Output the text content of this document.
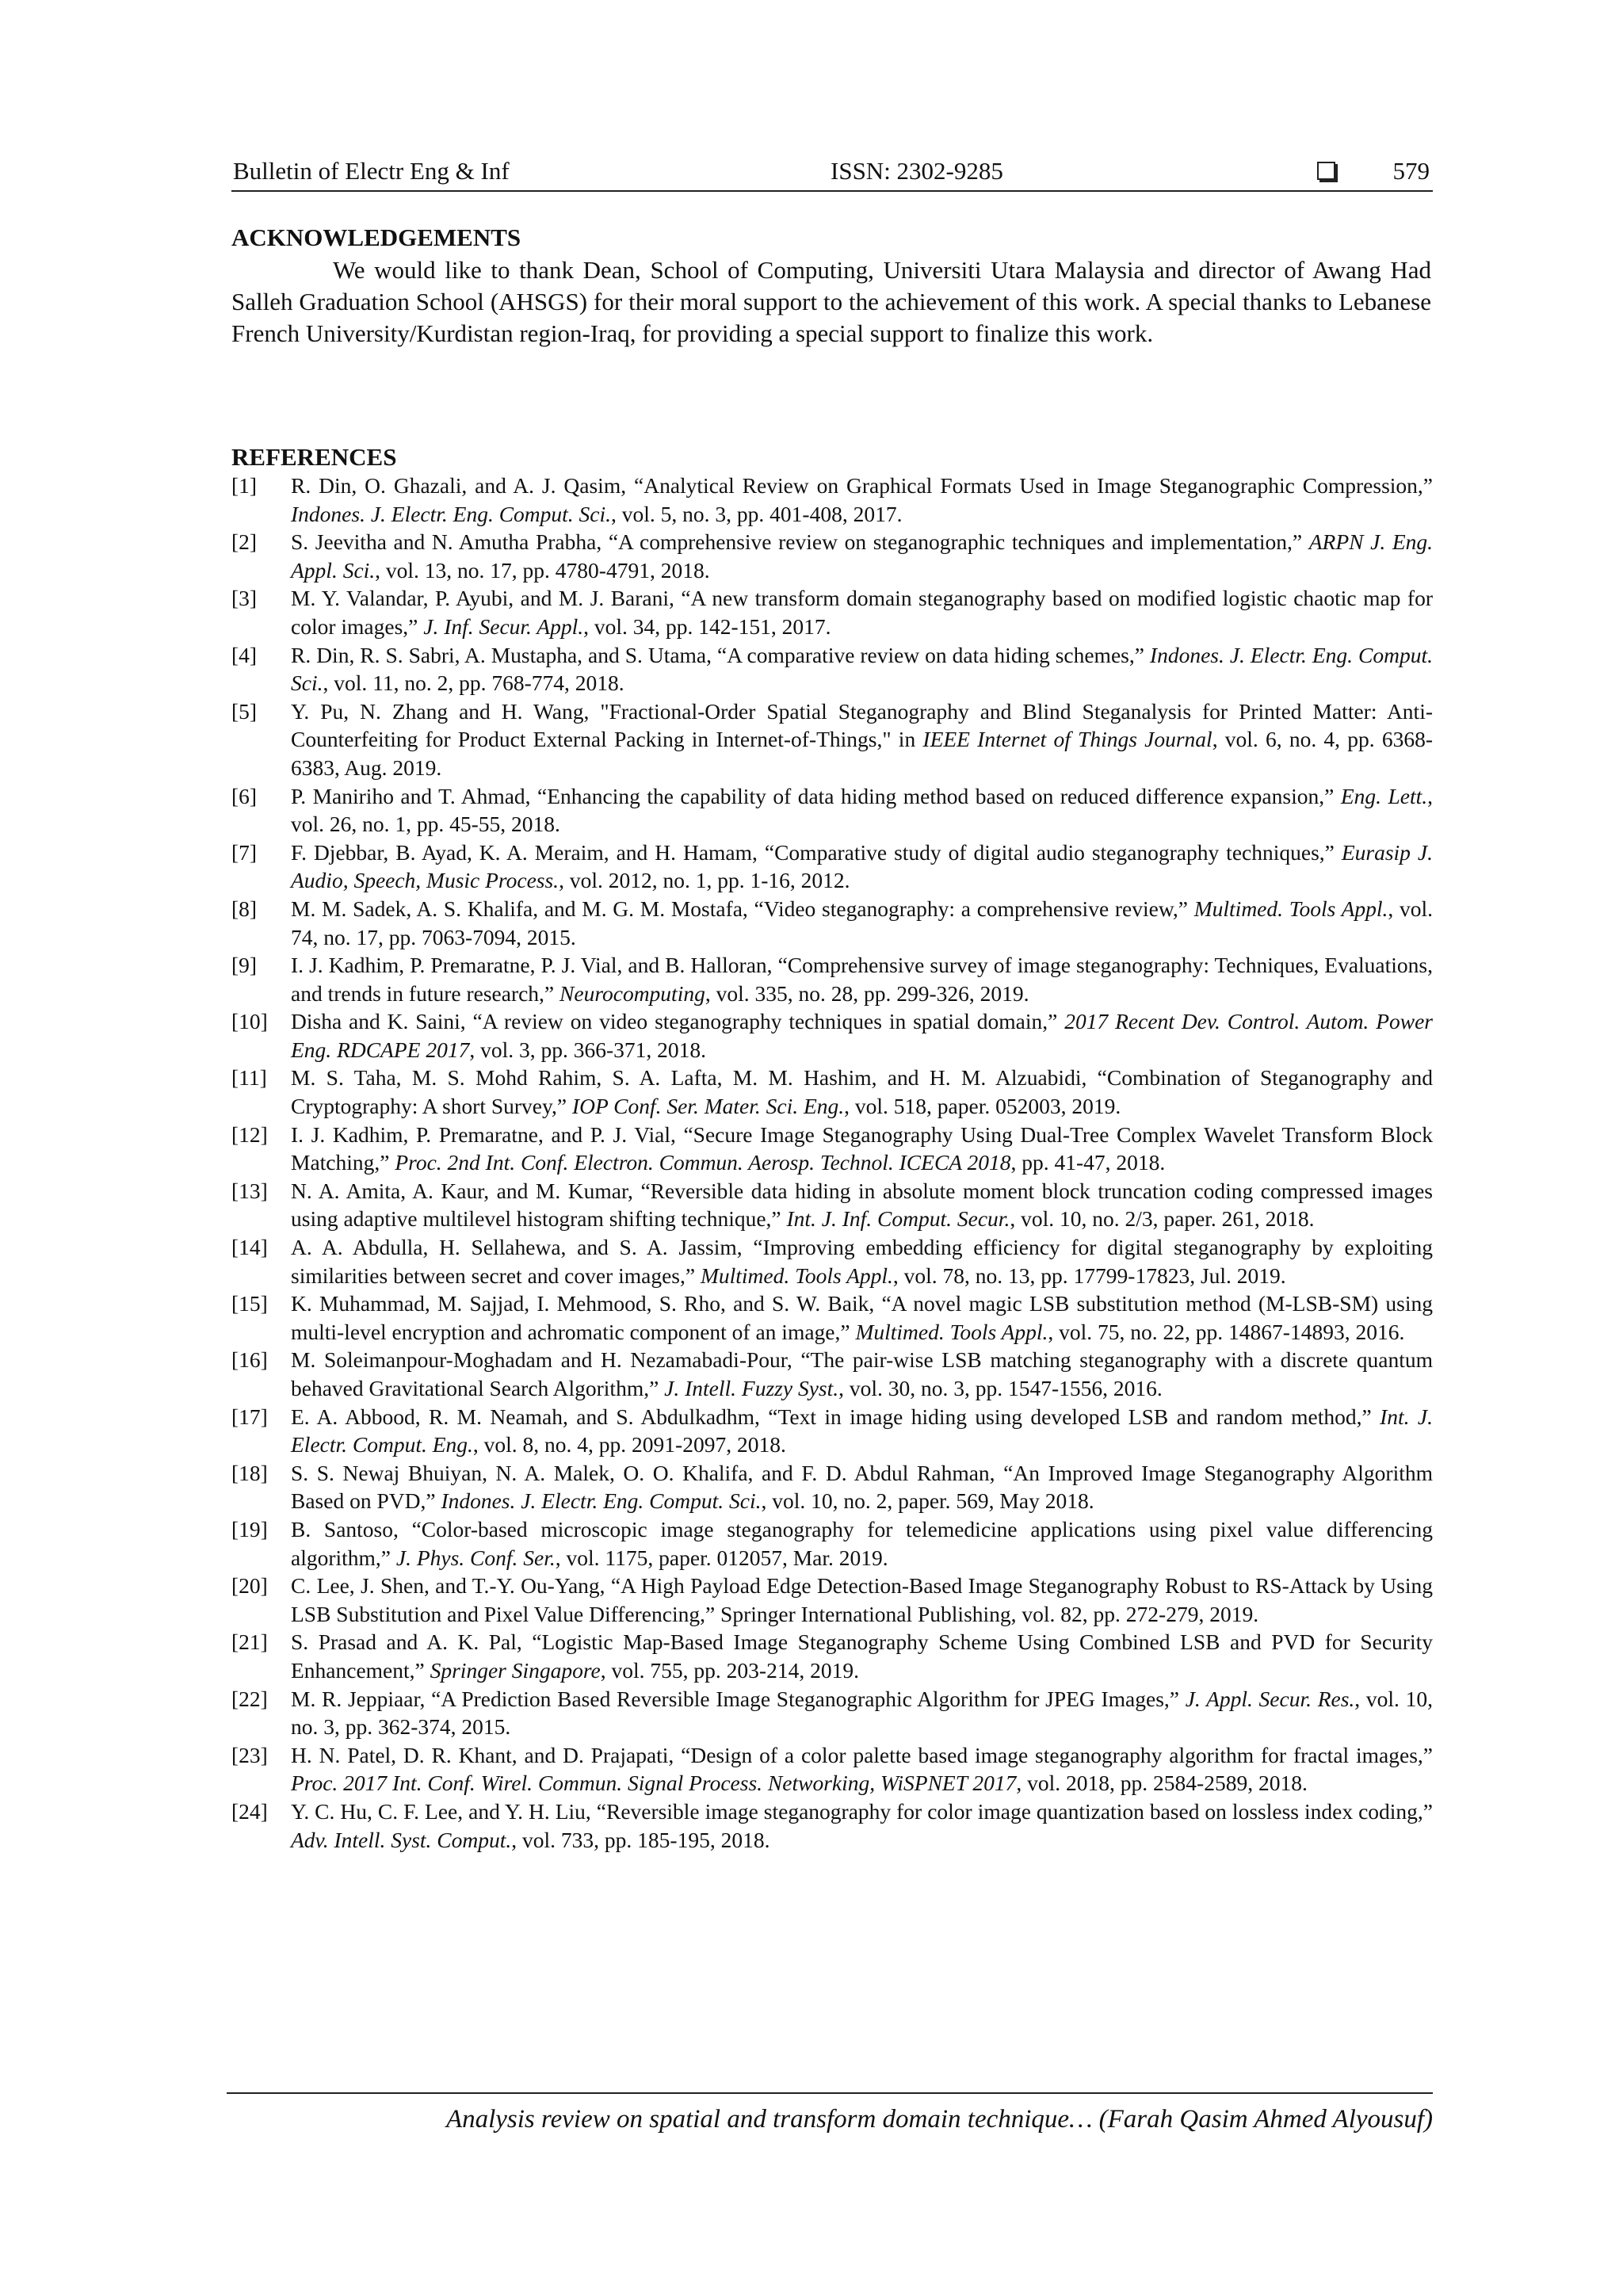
Bulletin of Electr Eng & Inf	ISSN: 2302-9285	579
ACKNOWLEDGEMENTS

We would like to thank Dean, School of Computing, Universiti Utara Malaysia and director of Awang Had Salleh Graduation School (AHSGS) for their moral support to the achievement of this work. A special thanks to Lebanese French University/Kurdistan region-Iraq, for providing a special support to finalize this work.

REFERENCES
[1] R. Din, O. Ghazali, and A. J. Qasim, “Analytical Review on Graphical Formats Used in Image Steganographic Compression,” Indones. J. Electr. Eng. Comput. Sci., vol. 5, no. 3, pp. 401-408, 2017.
[2] S. Jeevitha and N. Amutha Prabha, “A comprehensive review on steganographic techniques and implementation,” ARPN J. Eng. Appl. Sci., vol. 13, no. 17, pp. 4780-4791, 2018.
[3] M. Y. Valandar, P. Ayubi, and M. J. Barani, “A new transform domain steganography based on modified logistic chaotic map for color images,” J. Inf. Secur. Appl., vol. 34, pp. 142-151, 2017.
[4] R. Din, R. S. Sabri, A. Mustapha, and S. Utama, “A comparative review on data hiding schemes,” Indones. J. Electr. Eng. Comput. Sci., vol. 11, no. 2, pp. 768-774, 2018.
[5] Y. Pu, N. Zhang and H. Wang, "Fractional-Order Spatial Steganography and Blind Steganalysis for Printed Matter: Anti-Counterfeiting for Product External Packing in Internet-of-Things," in IEEE Internet of Things Journal, vol. 6, no. 4, pp. 6368-6383, Aug. 2019.
[6] P. Maniriho and T. Ahmad, “Enhancing the capability of data hiding method based on reduced difference expansion,” Eng. Lett., vol. 26, no. 1, pp. 45-55, 2018.
[7] F. Djebbar, B. Ayad, K. A. Meraim, and H. Hamam, “Comparative study of digital audio steganography techniques,” Eurasip J. Audio, Speech, Music Process., vol. 2012, no. 1, pp. 1-16, 2012.
[8] M. M. Sadek, A. S. Khalifa, and M. G. M. Mostafa, “Video steganography: a comprehensive review,” Multimed. Tools Appl., vol. 74, no. 17, pp. 7063-7094, 2015.
[9] I. J. Kadhim, P. Premaratne, P. J. Vial, and B. Halloran, “Comprehensive survey of image steganography: Techniques, Evaluations, and trends in future research,” Neurocomputing, vol. 335, no. 28, pp. 299-326, 2019.
[10] Disha and K. Saini, “A review on video steganography techniques in spatial domain,” 2017 Recent Dev. Control. Autom. Power Eng. RDCAPE 2017, vol. 3, pp. 366-371, 2018.
[11] M. S. Taha, M. S. Mohd Rahim, S. A. Lafta, M. M. Hashim, and H. M. Alzuabidi, “Combination of Steganography and Cryptography: A short Survey,” IOP Conf. Ser. Mater. Sci. Eng., vol. 518, paper. 052003, 2019.
[12] I. J. Kadhim, P. Premaratne, and P. J. Vial, “Secure Image Steganography Using Dual-Tree Complex Wavelet Transform Block Matching,” Proc. 2nd Int. Conf. Electron. Commun. Aerosp. Technol. ICECA 2018, pp. 41-47, 2018.
[13] N. A. Amita, A. Kaur, and M. Kumar, “Reversible data hiding in absolute moment block truncation coding compressed images using adaptive multilevel histogram shifting technique,” Int. J. Inf. Comput. Secur., vol. 10, no. 2/3, paper. 261, 2018.
[14] A. A. Abdulla, H. Sellahewa, and S. A. Jassim, “Improving embedding efficiency for digital steganography by exploiting similarities between secret and cover images,” Multimed. Tools Appl., vol. 78, no. 13, pp. 17799-17823, Jul. 2019.
[15] K. Muhammad, M. Sajjad, I. Mehmood, S. Rho, and S. W. Baik, “A novel magic LSB substitution method (M-LSB-SM) using multi-level encryption and achromatic component of an image,” Multimed. Tools Appl., vol. 75, no. 22, pp. 14867-14893, 2016.
[16] M. Soleimanpour-Moghadam and H. Nezamabadi-Pour, “The pair-wise LSB matching steganography with a discrete quantum behaved Gravitational Search Algorithm,” J. Intell. Fuzzy Syst., vol. 30, no. 3, pp. 1547-1556, 2016.
[17] E. A. Abbood, R. M. Neamah, and S. Abdulkadhm, “Text in image hiding using developed LSB and random method,” Int. J. Electr. Comput. Eng., vol. 8, no. 4, pp. 2091-2097, 2018.
[18] S. S. Newaj Bhuiyan, N. A. Malek, O. O. Khalifa, and F. D. Abdul Rahman, “An Improved Image Steganography Algorithm Based on PVD,” Indones. J. Electr. Eng. Comput. Sci., vol. 10, no. 2, paper. 569, May 2018.
[19] B. Santoso, “Color-based microscopic image steganography for telemedicine applications using pixel value differencing algorithm,” J. Phys. Conf. Ser., vol. 1175, paper. 012057, Mar. 2019.
[20] C. Lee, J. Shen, and T.-Y. Ou-Yang, “A High Payload Edge Detection-Based Image Steganography Robust to RS-Attack by Using LSB Substitution and Pixel Value Differencing,” Springer International Publishing, vol. 82, pp. 272-279, 2019.
[21] S. Prasad and A. K. Pal, “Logistic Map-Based Image Steganography Scheme Using Combined LSB and PVD for Security Enhancement,” Springer Singapore, vol. 755, pp. 203-214, 2019.
[22] M. R. Jeppiaar, “A Prediction Based Reversible Image Steganographic Algorithm for JPEG Images,” J. Appl. Secur. Res., vol. 10, no. 3, pp. 362-374, 2015.
[23] H. N. Patel, D. R. Khant, and D. Prajapati, “Design of a color palette based image steganography algorithm for fractal images,” Proc. 2017 Int. Conf. Wirel. Commun. Signal Process. Networking, WiSPNET 2017, vol. 2018, pp. 2584-2589, 2018.
[24] Y. C. Hu, C. F. Lee, and Y. H. Liu, “Reversible image steganography for color image quantization based on lossless index coding,” Adv. Intell. Syst. Comput., vol. 733, pp. 185-195, 2018.
Analysis review on spatial and transform domain technique… (Farah Qasim Ahmed Alyousuf)
